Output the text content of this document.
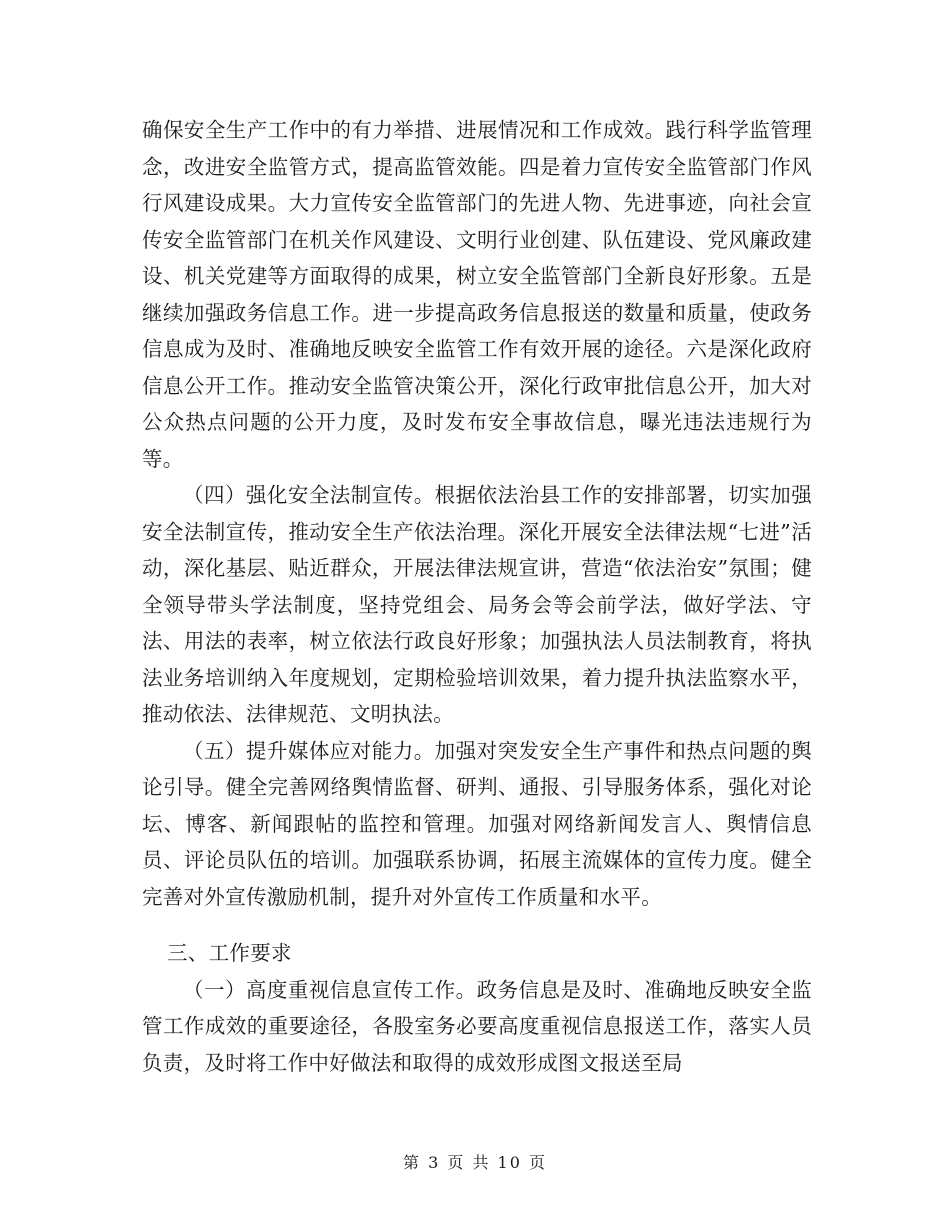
确保安全生产工作中的有力举措、进展情况和工作成效。践行科学监管理念，改进安全监管方式，提高监管效能。四是着力宣传安全监管部门作风行风建设成果。大力宣传安全监管部门的先进人物、先进事迹，向社会宣传安全监管部门在机关作风建设、文明行业创建、队伍建设、党风廉政建设、机关党建等方面取得的成果，树立安全监管部门全新良好形象。五是继续加强政务信息工作。进一步提高政务信息报送的数量和质量，使政务信息成为及时、准确地反映安全监管工作有效开展的途径。六是深化政府信息公开工作。推动安全监管决策公开，深化行政审批信息公开，加大对公众热点问题的公开力度，及时发布安全事故信息，曝光违法违规行为等。

（四）强化安全法制宣传。根据依法治县工作的安排部署，切实加强安全法制宣传，推动安全生产依法治理。深化开展安全法律法规“七进”活动，深化基层、贴近群众，开展法律法规宣讲，营造“依法治安”氛围；健全领导带头学法制度，坚持党组会、局务会等会前学法，做好学法、守法、用法的表率，树立依法行政良好形象；加强执法人员法制教育，将执法业务培训纳入年度规划，定期检验培训效果，着力提升执法监察水平，推动依法、法律规范、文明执法。

（五）提升媒体应对能力。加强对突发安全生产事件和热点问题的舆论引导。健全完善网络舆情监督、研判、通报、引导服务体系，强化对论坛、博客、新闻跟帖的监控和管理。加强对网络新闻发言人、舆情信息员、评论员队伍的培训。加强联系协调，拓展主流媒体的宣传力度。健全完善对外宣传激励机制，提升对外宣传工作质量和水平。

三、工作要求

（一）高度重视信息宣传工作。政务信息是及时、准确地反映安全监管工作成效的重要途径，各股室务必要高度重视信息报送工作，落实人员负责，及时将工作中好做法和取得的成效形成图文报送至局

第 3 页 共 10 页
